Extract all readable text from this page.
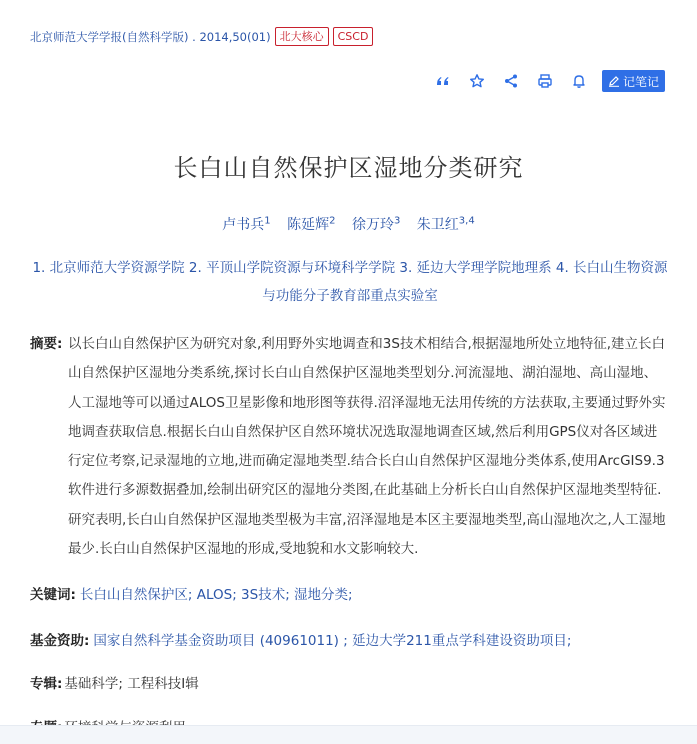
北京师范大学学报(自然科学版) . 2014,50(01) 北大核心	CSCD
记笔记
长白山自然保护区湿地分类研究
卢书兵$^1$ 陈延辉$^2$ 徐万玲$^3$ 朱卫红$^{3,4}$
1. 北京师范大学资源学院 2. 平顶山学院资源与环境科学学院 3. 延边大学理学院地理系 4. 长白山生物资源与功能分子教育部重点实验室
摘要: 以长白山自然保护区为研究对象,利用野外实地调查和3S技术相结合,根据湿地所处立地特征,建立长白山自然保护区湿地分类系统,探讨长白山自然保护区湿地类型划分.河流湿地、湖泊湿地、高山湿地、人工湿地等可以通过ALOS卫星影像和地形图等获得.沼泽湿地无法用传统的方法获取,主要通过野外实地调查获取信息.根据长白山自然保护区自然环境状况选取湿地调查区域,然后利用GPS仪对各区域进行定位考察,记录湿地的立地,进而确定湿地类型.结合长白山自然保护区湿地分类体系,使用ArcGIS9.3软件进行多源数据叠加,绘制出研究区的湿地分类图,在此基础上分析长白山自然保护区湿地类型特征.研究表明,长白山自然保护区湿地类型极为丰富,沼泽湿地是本区主要湿地类型,高山湿地次之,人工湿地最少.长白山自然保护区湿地的形成,受地貌和水文影响较大.
关键词: 长白山自然保护区; ALOS; 3S技术; 湿地分类;
基金资助: 国家自然科学基金资助项目 (40961011) ; 延边大学211重点学科建设资助项目;
专辑: 基础科学; 工程科技Ⅰ辑
